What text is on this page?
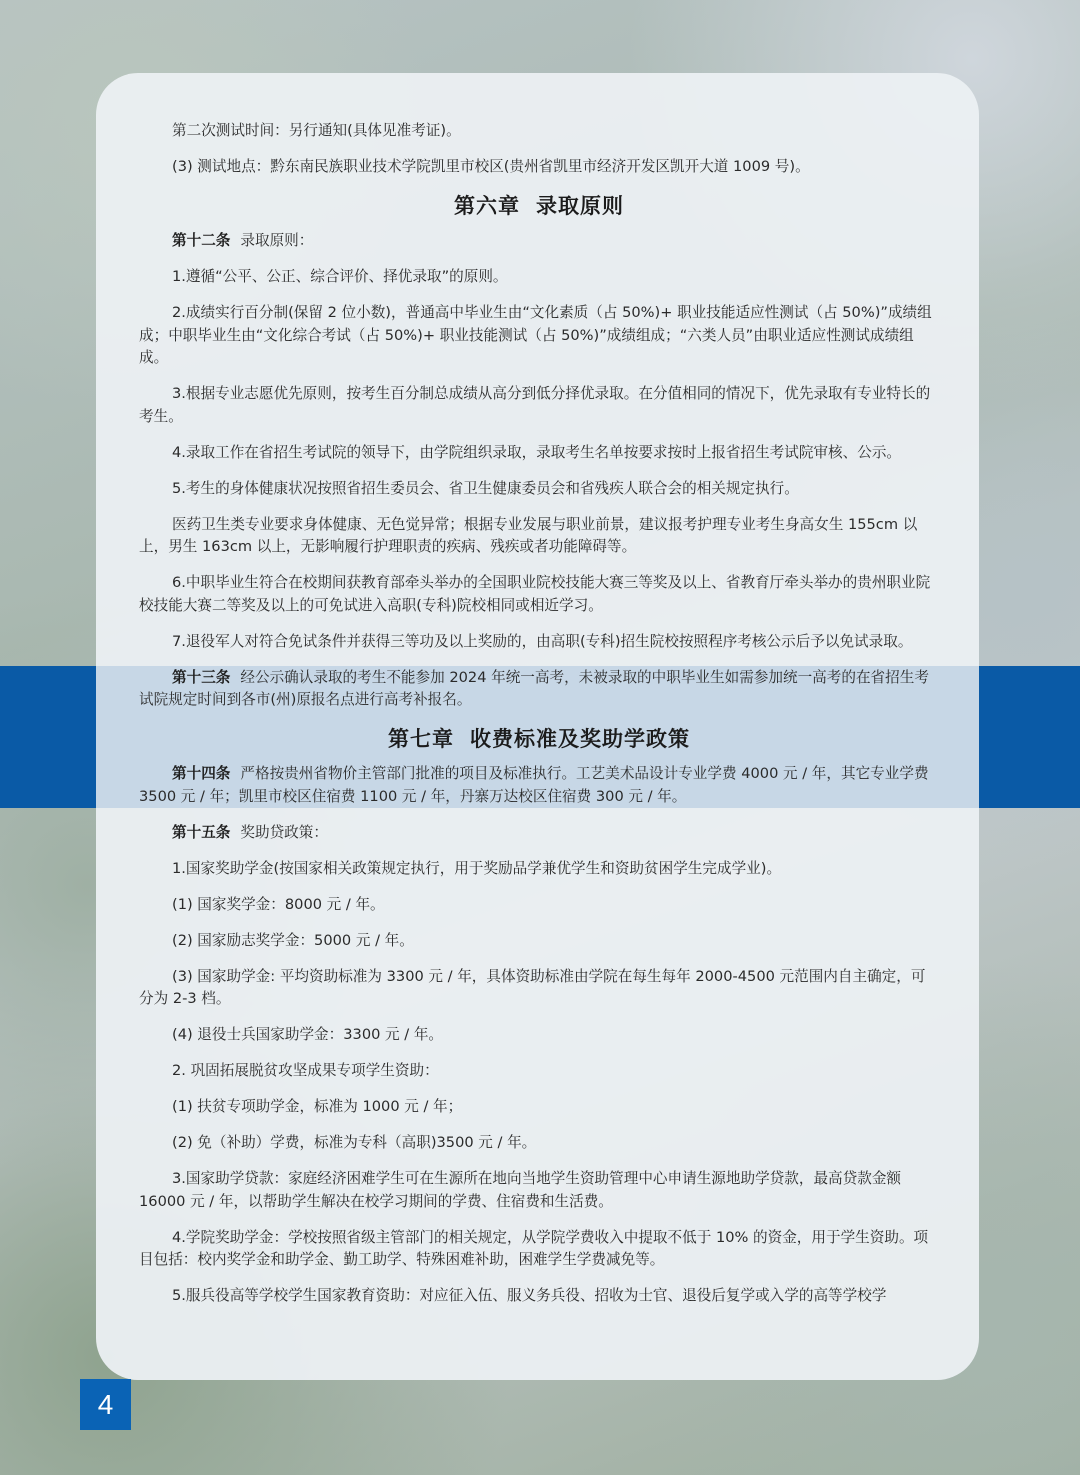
第二次测试时间：另行通知(具体见准考证)。

(3) 测试地点：黔东南民族职业技术学院凯里市校区(贵州省凯里市经济开发区凯开大道 1009 号)。

第六章 录取原则

第十二条 录取原则：

1.遵循“公平、公正、综合评价、择优录取”的原则。

2.成绩实行百分制(保留 2 位小数)，普通高中毕业生由“文化素质（占 50%)+ 职业技能适应性测试（占 50%)”成绩组成；中职毕业生由“文化综合考试（占 50%)+ 职业技能测试（占 50%)”成绩组成；“六类人员”由职业适应性测试成绩组成。

3.根据专业志愿优先原则，按考生百分制总成绩从高分到低分择优录取。在分值相同的情况下，优先录取有专业特长的考生。

4.录取工作在省招生考试院的领导下，由学院组织录取，录取考生名单按要求按时上报省招生考试院审核、公示。

5.考生的身体健康状况按照省招生委员会、省卫生健康委员会和省残疾人联合会的相关规定执行。

医药卫生类专业要求身体健康、无色觉异常；根据专业发展与职业前景，建议报考护理专业考生身高女生 155cm 以上，男生 163cm 以上，无影响履行护理职责的疾病、残疾或者功能障碍等。

6.中职毕业生符合在校期间获教育部牵头举办的全国职业院校技能大赛三等奖及以上、省教育厅牵头举办的贵州职业院校技能大赛二等奖及以上的可免试进入高职(专科)院校相同或相近学习。

7.退役军人对符合免试条件并获得三等功及以上奖励的，由高职(专科)招生院校按照程序考核公示后予以免试录取。

第十三条 经公示确认录取的考生不能参加 2024 年统一高考，未被录取的中职毕业生如需参加统一高考的在省招生考试院规定时间到各市(州)原报名点进行高考补报名。

第七章 收费标准及奖助学政策

第十四条 严格按贵州省物价主管部门批准的项目及标准执行。工艺美术品设计专业学费 4000 元 / 年，其它专业学费 3500 元 / 年；凯里市校区住宿费 1100 元 / 年，丹寨万达校区住宿费 300 元 / 年。

第十五条 奖助贷政策：

1.国家奖助学金(按国家相关政策规定执行，用于奖励品学兼优学生和资助贫困学生完成学业)。

(1) 国家奖学金：8000 元 / 年。

(2) 国家励志奖学金：5000 元 / 年。

(3) 国家助学金: 平均资助标准为 3300 元 / 年，具体资助标准由学院在每生每年 2000-4500 元范围内自主确定，可分为 2-3 档。

(4) 退役士兵国家助学金：3300 元 / 年。

2. 巩固拓展脱贫攻坚成果专项学生资助：

(1) 扶贫专项助学金，标准为 1000 元 / 年；

(2) 免（补助）学费，标准为专科（高职)3500 元 / 年。

3.国家助学贷款：家庭经济困难学生可在生源所在地向当地学生资助管理中心申请生源地助学贷款，最高贷款金额 16000 元 / 年，以帮助学生解决在校学习期间的学费、住宿费和生活费。

4.学院奖助学金：学校按照省级主管部门的相关规定，从学院学费收入中提取不低于 10% 的资金，用于学生资助。项目包括：校内奖学金和助学金、勤工助学、特殊困难补助，困难学生学费减免等。

5.服兵役高等学校学生国家教育资助：对应征入伍、服义务兵役、招收为士官、退役后复学或入学的高等学校学

4
